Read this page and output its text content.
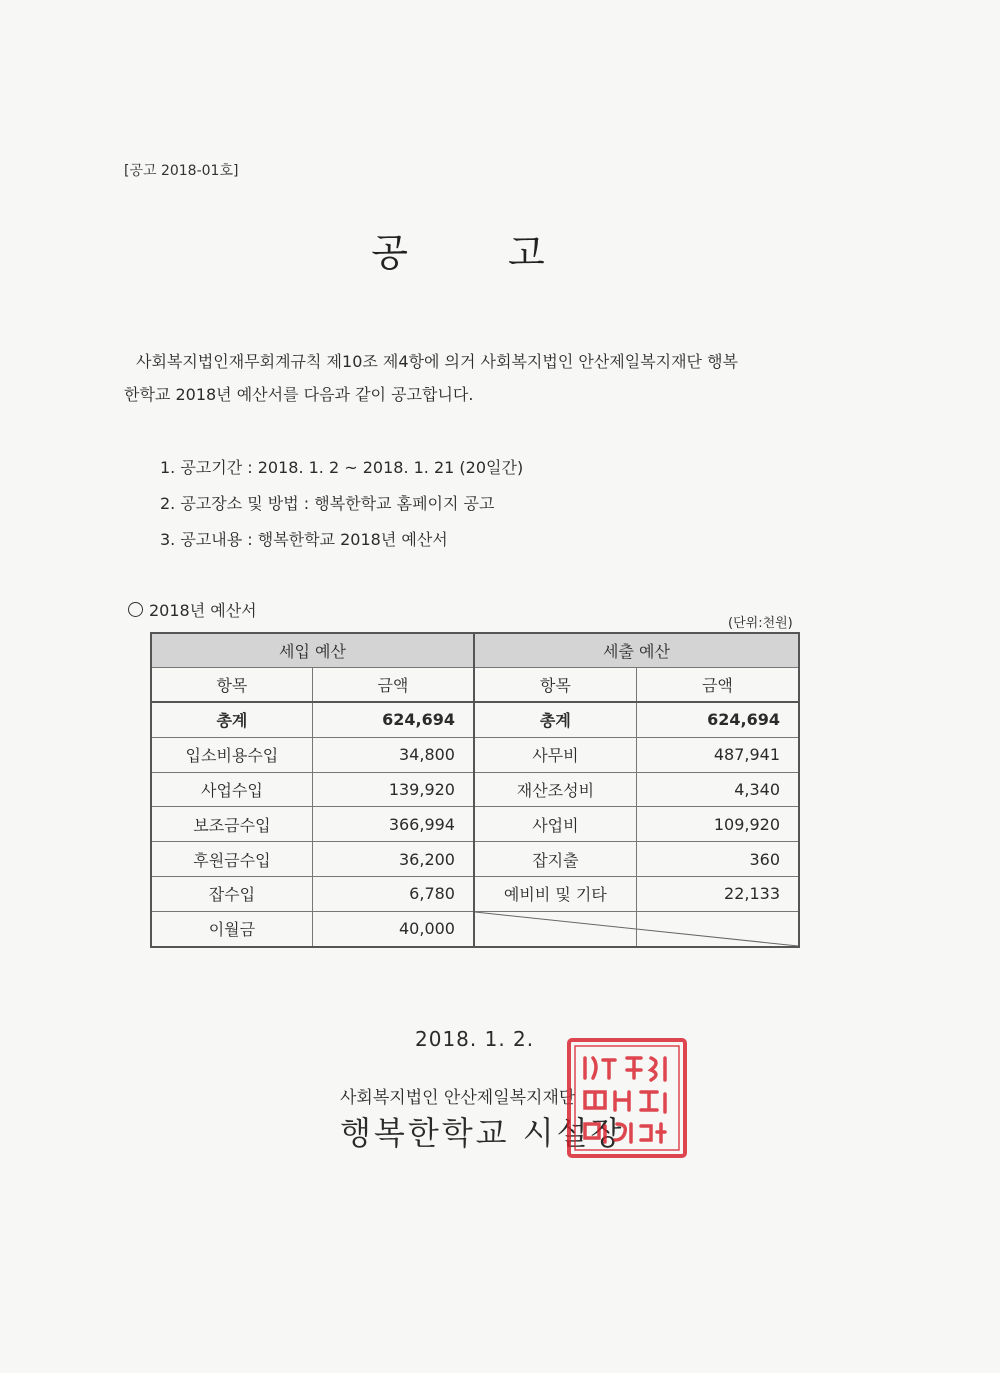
[공고 2018-01호]
공 고

사회복지법인재무회계규칙 제10조 제4항에 의거 사회복지법인 안산제일복지재단 행복

한학교 2018년 예산서를 다음과 같이 공고합니다.

1. 공고기간 : 2018. 1. 2 ~ 2018. 1. 21 (20일간)
2. 공고장소 및 방법 : 행복한학교 홈페이지 공고
3. 공고내용 : 행복한학교 2018년 예산서
2018년 예산서
(단위:천원)
세입 예산		세출 예산	
항목	금액	항목	금액
총계	624,694	총계	624,694
입소비용수입	34,800	사무비	487,941
사업수입	139,920	재산조성비	4,340
보조금수입	366,994	사업비	109,920
후원금수입	36,200	잡지출	360
잡수입	6,780	예비비 및 기타	22,133
이월금	40,000	
2018. 1. 2.
사회복지법인 안산제일복지재단
행복한학교 시설장
